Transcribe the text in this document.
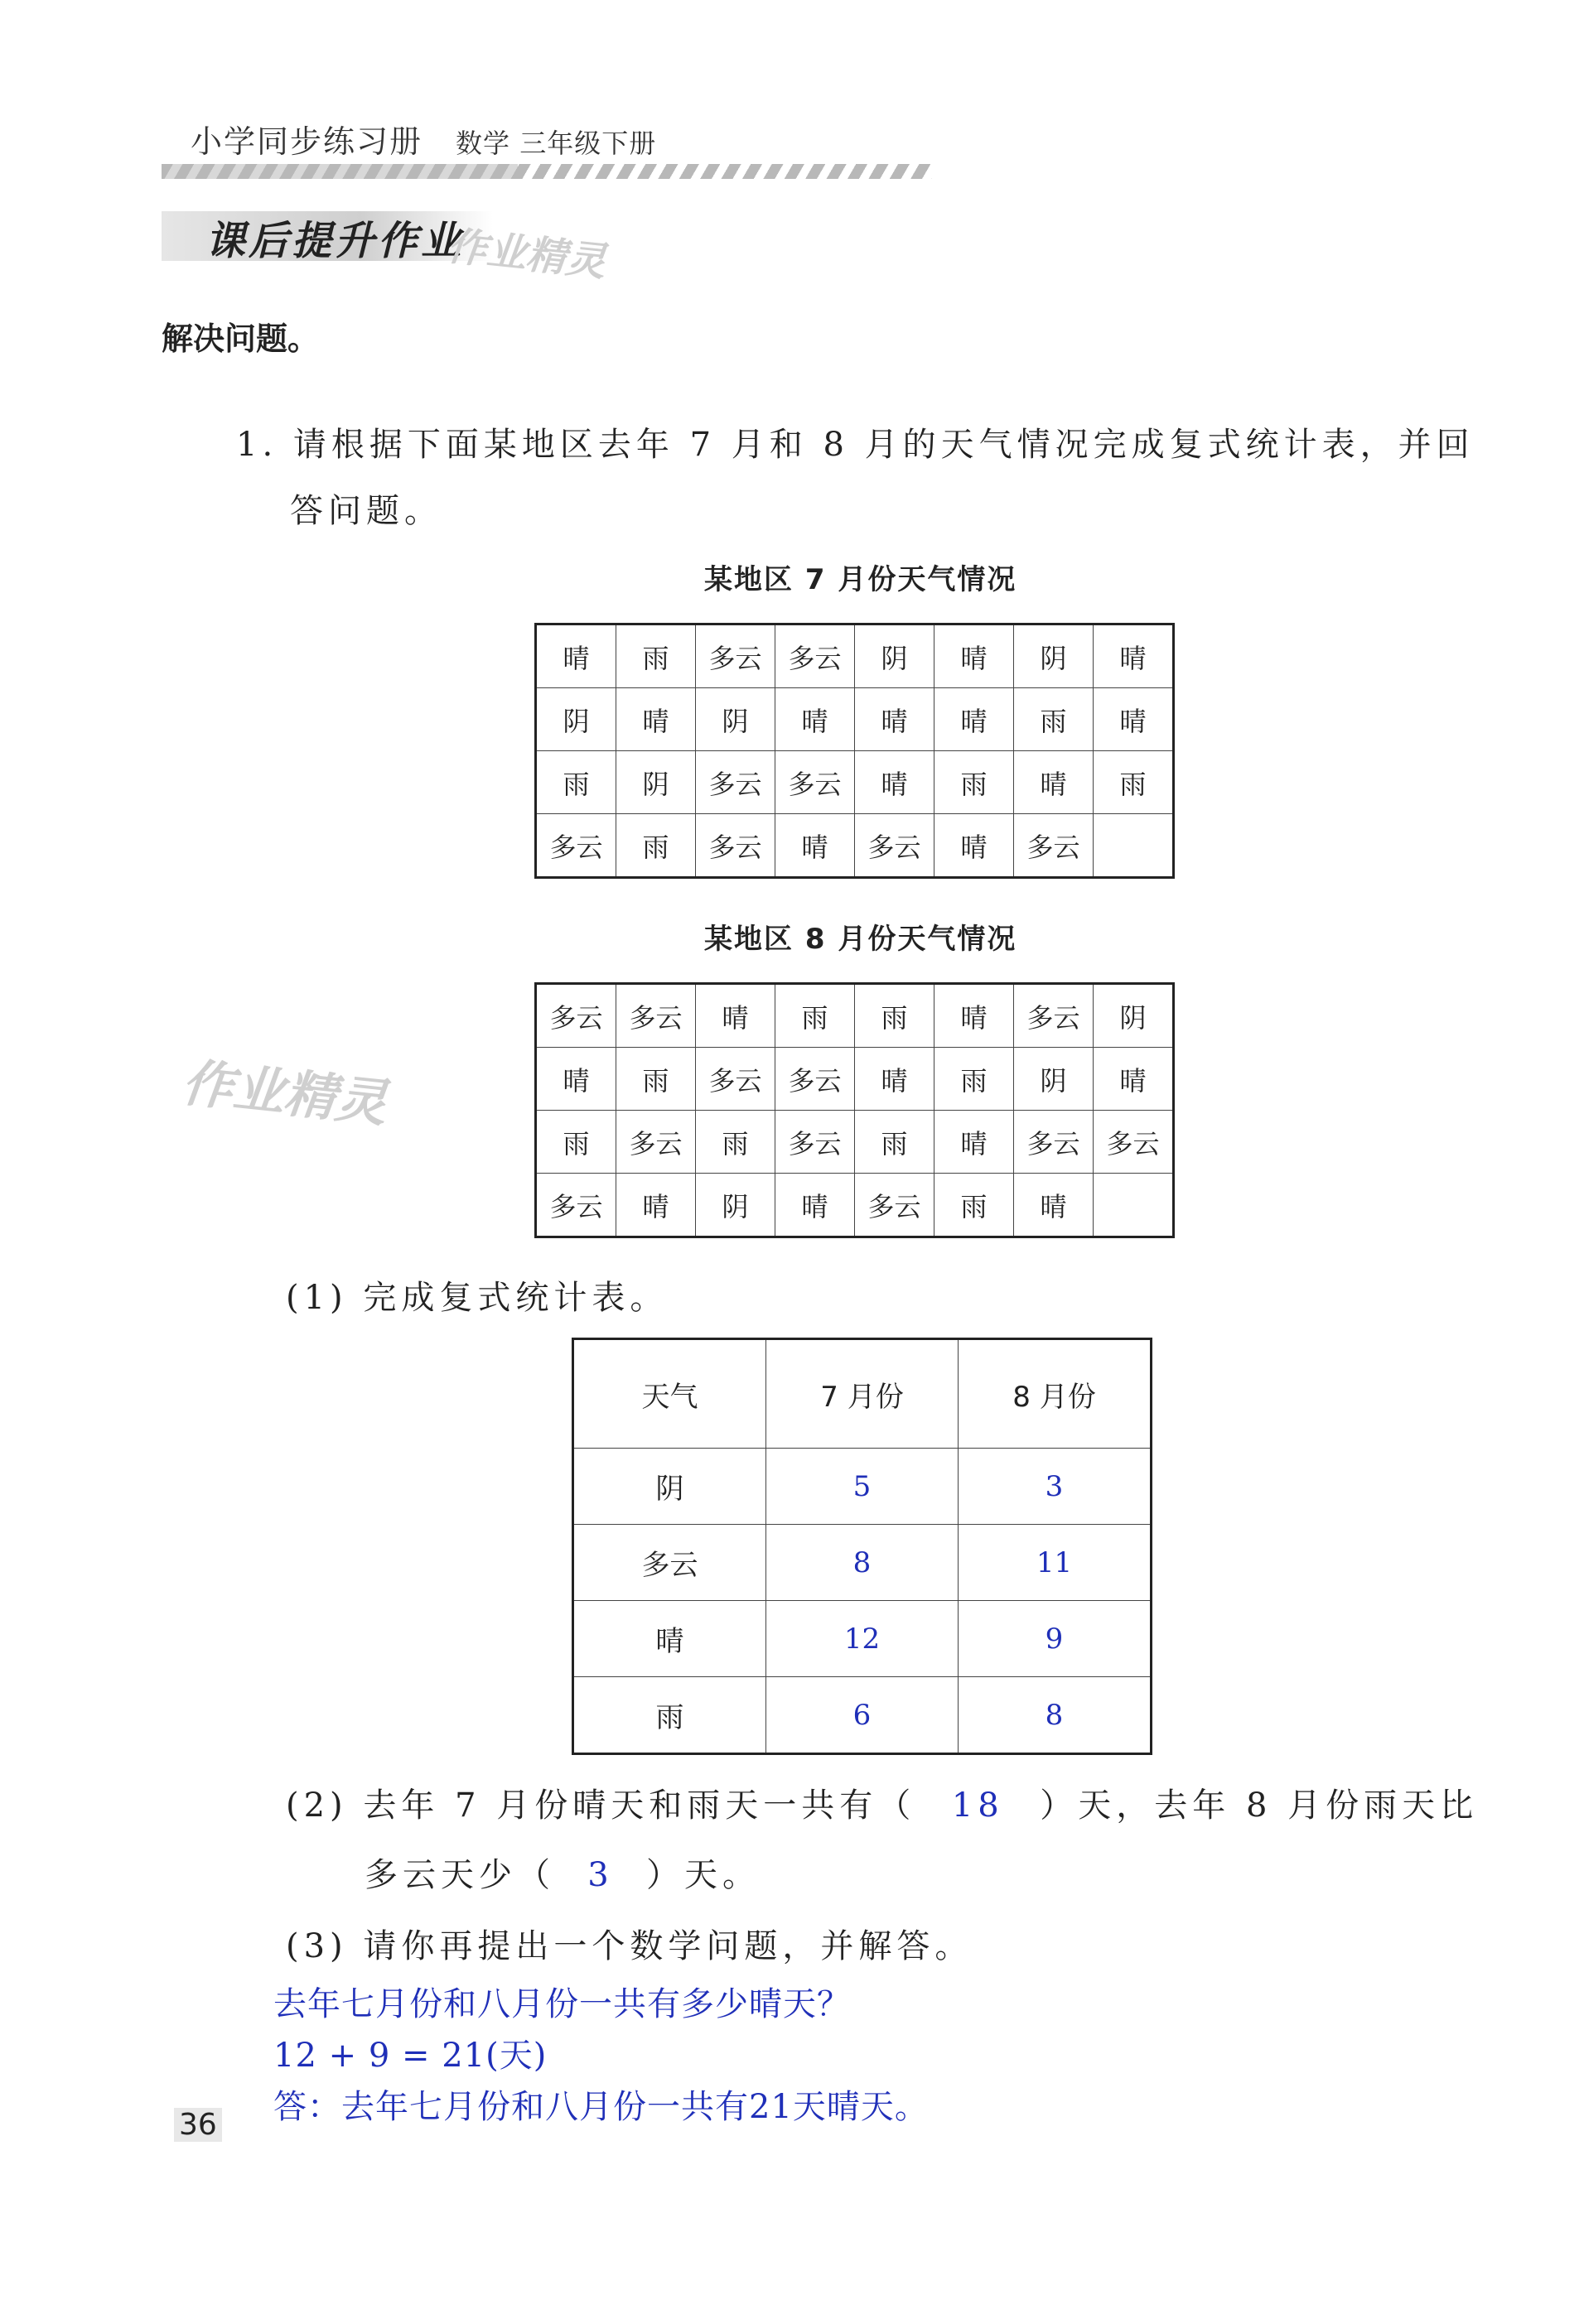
小学同步练习册 数学 三年级下册
课后提升作业
作业精灵
解决问题。
1. 请根据下面某地区去年 7 月和 8 月的天气情况完成复式统计表，并回
答问题。
某地区 7 月份天气情况
晴	雨	多云	多云	阴	晴	阴	晴
阴	晴	阴	晴	晴	晴	雨	晴
雨	阴	多云	多云	晴	雨	晴	雨
多云	雨	多云	晴	多云	晴	多云	
某地区 8 月份天气情况
多云	多云	晴	雨	雨	晴	多云	阴
晴	雨	多云	多云	晴	雨	阴	晴
雨	多云	雨	多云	雨	晴	多云	多云
多云	晴	阴	晴	多云	雨	晴	
作业精灵
(1) 完成复式统计表。
天气	7 月份	8 月份
阴	5	3
多云	8	11
晴	12	9
雨	6	8
(2) 去年 7 月份晴天和雨天一共有（ 18 ）天，去年 8 月份雨天比
多云天少（ 3 ）天。
(3) 请你再提出一个数学问题，并解答。
去年七月份和八月份一共有多少晴天？
12 + 9 = 21(天)
答：去年七月份和八月份一共有21天晴天。
36
